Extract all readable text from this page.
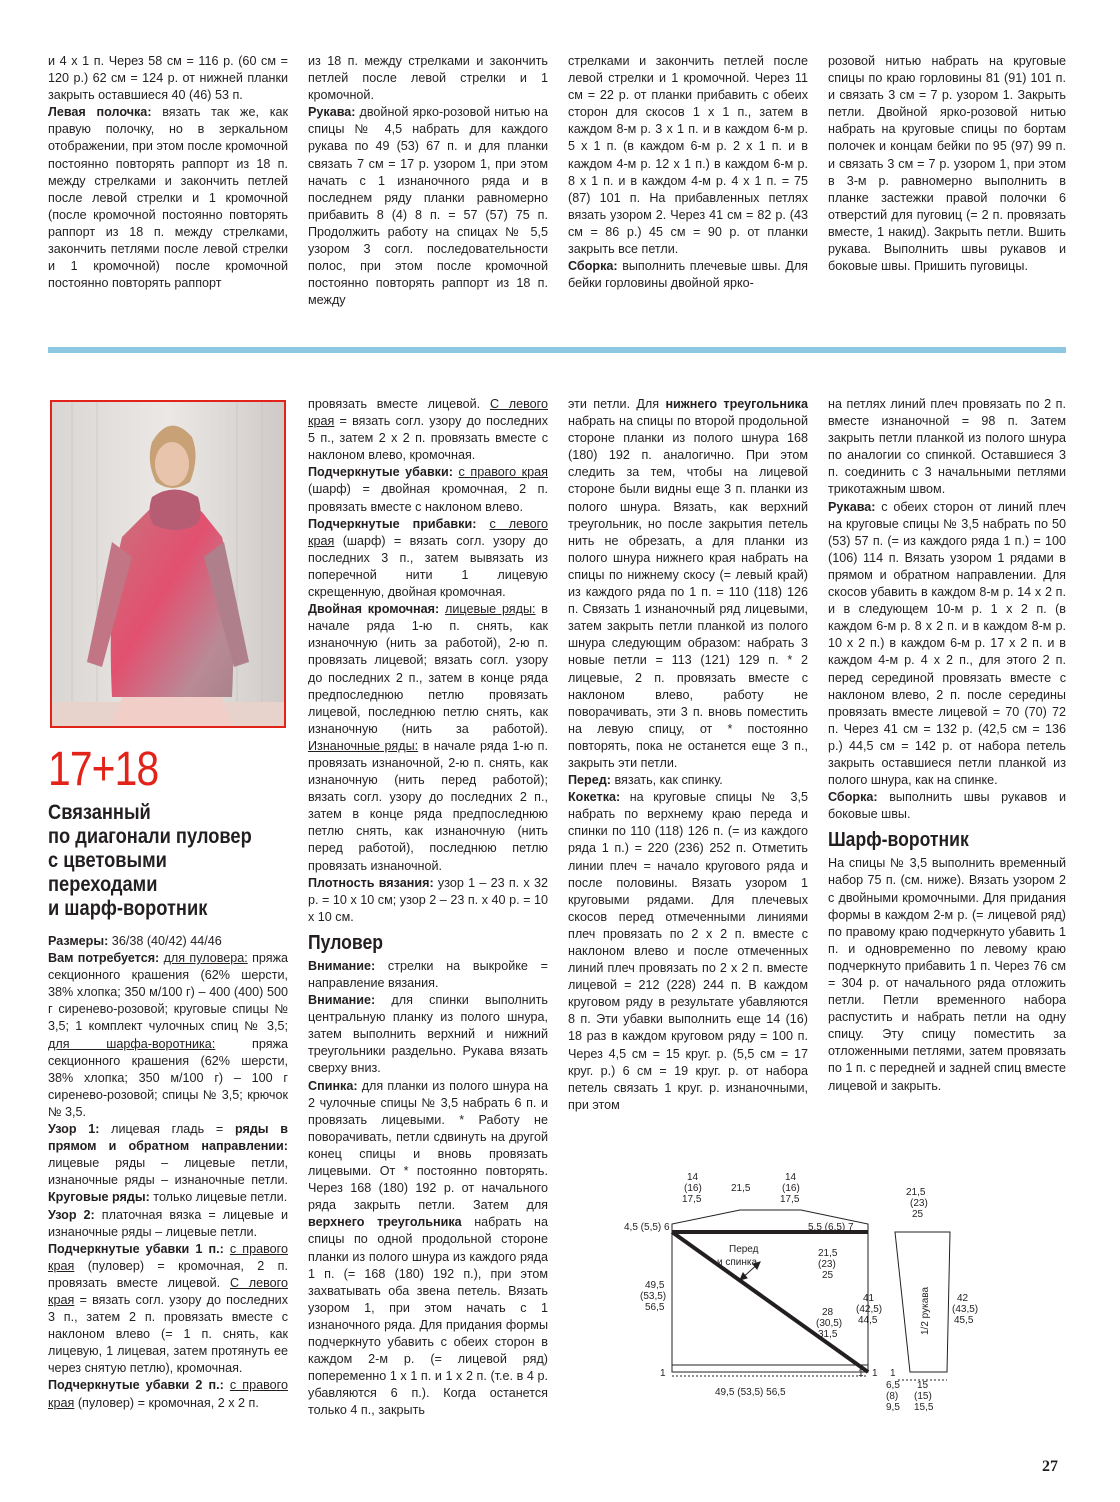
и 4 х 1 п. Через 58 см = 116 р. (60 см = 120 р.) 62 см = 124 р. от нижней планки закрыть оставшиеся 40 (46) 53 п.

Левая полочка: вязать так же, как правую полочку, но в зеркальном отображении, при этом после кромочной постоянно повторять раппорт из 18 п. между стрелками и закончить петлей после левой стрелки и 1 кромочной (после кромочной постоянно повторять раппорт из 18 п. между стрелками, закончить петлями после левой стрелки и 1 кромочной) после кромочной постоянно повторять раппорт

из 18 п. между стрелками и закончить петлей после левой стрелки и 1 кромочной.

Рукава: двойной ярко-розовой нитью на спицы № 4,5 набрать для каждого рукава по 49 (53) 67 п. и для планки связать 7 см = 17 р. узором 1, при этом начать с 1 изнаночного ряда и в последнем ряду планки равномерно прибавить 8 (4) 8 п. = 57 (57) 75 п. Продолжить работу на спицах № 5,5 узором 3 согл. последовательности полос, при этом после кромочной постоянно повторять раппорт из 18 п. между

стрелками и закончить петлей после левой стрелки и 1 кромочной. Через 11 см = 22 р. от планки прибавить с обеих сторон для скосов 1 х 1 п., затем в каждом 8-м р. 3 х 1 п. и в каждом 6-м р. 5 х 1 п. (в каждом 6-м р. 2 х 1 п. и в каждом 4-м р. 12 х 1 п.) в каждом 6-м р. 8 х 1 п. и в каждом 4-м р. 4 х 1 п. = 75 (87) 101 п. На прибавленных петлях вязать узором 2. Через 41 см = 82 р. (43 см = 86 р.) 45 см = 90 р. от планки закрыть все петли.

Сборка: выполнить плечевые швы. Для бейки горловины двойной ярко-

розовой нитью набрать на круговые спицы по краю горловины 81 (91) 101 п. и связать 3 см = 7 р. узором 1. Закрыть петли. Двойной ярко-розовой нитью набрать на круговые спицы по бортам полочек и концам бейки по 95 (97) 99 п. и связать 3 см = 7 р. узором 1, при этом в 3-м р. равномерно выполнить в планке застежки правой полочки 6 отверстий для пуговиц (= 2 п. провязать вместе, 1 накид). Закрыть петли. Вшить рукава. Выполнить швы рукавов и боковые швы. Пришить пуговицы.

17+18
Связанный
по диагонали пуловер
с цветовыми
переходами
и шарф-воротник

Размеры: 36/38 (40/42) 44/46

Вам потребуется: для пуловера: пряжа секционного крашения (62% шерсти, 38% хлопка; 350 м/100 г) – 400 (400) 500 г сиренево-розовой; круговые спицы № 3,5; 1 комплект чулочных спиц № 3,5; для шарфа-воротника: пряжа секционного крашения (62% шерсти, 38% хлопка; 350 м/100 г) – 100 г сиренево-розовой; спицы № 3,5; крючок № 3,5.

Узор 1: лицевая гладь = ряды в прямом и обратном направлении: лицевые ряды – лицевые петли, изнаночные ряды – изнаночные петли. Круговые ряды: только лицевые петли.

Узор 2: платочная вязка = лицевые и изнаночные ряды – лицевые петли.

Подчеркнутые убавки 1 п.: с правого края (пуловер) = кромочная, 2 п. провязать вместе лицевой. С левого края = вязать согл. узору до последних 3 п., затем 2 п. провязать вместе с наклоном влево (= 1 п. снять, как лицевую, 1 лицевая, затем протянуть ее через снятую петлю), кромочная.

Подчеркнутые убавки 2 п.: с правого края (пуловер) = кромочная, 2 х 2 п.

провязать вместе лицевой. С левого края = вязать согл. узору до последних 5 п., затем 2 х 2 п. провязать вместе с наклоном влево, кромочная.

Подчеркнутые убавки: с правого края (шарф) = двойная кромочная, 2 п. провязать вместе с наклоном влево.

Подчеркнутые прибавки: с левого края (шарф) = вязать согл. узору до последних 3 п., затем вывязать из поперечной нити 1 лицевую скрещенную, двойная кромочная.

Двойная кромочная: лицевые ряды: в начале ряда 1-ю п. снять, как изнаночную (нить за работой), 2-ю п. провязать лицевой; вязать согл. узору до последних 2 п., затем в конце ряда предпоследнюю петлю провязать лицевой, последнюю петлю снять, как изнаночную (нить за работой). Изнаночные ряды: в начале ряда 1-ю п. провязать изнаночной, 2-ю п. снять, как изнаночную (нить перед работой); вязать согл. узору до последних 2 п., затем в конце ряда предпоследнюю петлю снять, как изнаночную (нить перед работой), последнюю петлю провязать изнаночной.

Плотность вязания: узор 1 – 23 п. х 32 р. = 10 х 10 см; узор 2 – 23 п. х 40 р. = 10 х 10 см.

Пуловер

Внимание: стрелки на выкройке = направление вязания.

Внимание: для спинки выполнить центральную планку из полого шнура, затем выполнить верхний и нижний треугольники раздельно. Рукава вязать сверху вниз.

Спинка: для планки из полого шнура на 2 чулочные спицы № 3,5 набрать 6 п. и провязать лицевыми. * Работу не поворачивать, петли сдвинуть на другой конец спицы и вновь провязать лицевыми. От * постоянно повторять. Через 168 (180) 192 р. от начального ряда закрыть петли. Затем для верхнего треугольника набрать на спицы по одной продольной стороне планки из полого шнура из каждого ряда 1 п. (= 168 (180) 192 п.), при этом захватывать оба звена петель. Вязать узором 1, при этом начать с 1 изнаночного ряда. Для придания формы подчеркнуто убавить с обеих сторон в каждом 2-м р. (= лицевой ряд) попеременно 1 х 1 п. и 1 х 2 п. (т.е. в 4 р. убавляются 6 п.). Когда останется только 4 п., закрыть

эти петли. Для нижнего треугольника набрать на спицы по второй продольной стороне планки из полого шнура 168 (180) 192 п. аналогично. При этом следить за тем, чтобы на лицевой стороне были видны еще 3 п. планки из полого шнура. Вязать, как верхний треугольник, но после закрытия петель нить не обрезать, а для планки из полого шнура нижнего края набрать на спицы по нижнему скосу (= левый край) из каждого ряда по 1 п. = 110 (118) 126 п. Связать 1 изнаночный ряд лицевыми, затем закрыть петли планкой из полого шнура следующим образом: набрать 3 новые петли = 113 (121) 129 п. * 2 лицевые, 2 п. провязать вместе с наклоном влево, работу не поворачивать, эти 3 п. вновь поместить на левую спицу, от * постоянно повторять, пока не останется еще 3 п., закрыть эти петли.

Перед: вязать, как спинку.

Кокетка: на круговые спицы № 3,5 набрать по верхнему краю переда и спинки по 110 (118) 126 п. (= из каждого ряда 1 п.) = 220 (236) 252 п. Отметить линии плеч = начало кругового ряда и после половины. Вязать узором 1 круговыми рядами. Для плечевых скосов перед отмеченными линиями плеч провязать по 2 х 2 п. вместе с наклоном влево и после отмеченных линий плеч провязать по 2 х 2 п. вместе лицевой = 212 (228) 244 п. В каждом круговом ряду в результате убавляются 8 п. Эти убавки выполнить еще 14 (16) 18 раз в каждом круговом ряду = 100 п. Через 4,5 см = 15 круг. р. (5,5 см = 17 круг. р.) 6 см = 19 круг. р. от набора петель связать 1 круг. р. изнаночными, при этом

на петлях линий плеч провязать по 2 п. вместе изнаночной = 98 п. Затем закрыть петли планкой из полого шнура по аналогии со спинкой. Оставшиеся 3 п. соединить с 3 начальными петлями трикотажным швом.

Рукава: с обеих сторон от линий плеч на круговые спицы № 3,5 набрать по 50 (53) 57 п. (= из каждого ряда 1 п.) = 100 (106) 114 п. Вязать узором 1 рядами в прямом и обратном направлении. Для скосов убавить в каждом 8-м р. 14 х 2 п. и в следующем 10-м р. 1 х 2 п. (в каждом 6-м р. 8 х 2 п. и в каждом 8-м р. 10 х 2 п.) в каждом 6-м р. 17 х 2 п. и в каждом 4-м р. 4 х 2 п., для этого 2 п. перед серединой провязать вместе с наклоном влево, 2 п. после середины провязать вместе лицевой = 70 (70) 72 п. Через 41 см = 132 р. (42,5 см = 136 р.) 44,5 см = 142 р. от набора петель закрыть оставшиеся петли планкой из полого шнура, как на спинке.

Сборка: выполнить швы рукавов и боковые швы.

Шарф-воротник

На спицы № 3,5 выполнить временный набор 75 п. (см. ниже). Вязать узором 2 с двойными кромочными. Для придания формы в каждом 2-м р. (= лицевой ряд) по правому краю подчеркнуто убавить 1 п. и одновременно по левому краю подчеркнуто прибавить 1 п. Через 76 см = 304 р. от начального ряда отложить петли. Петли временного набора распустить и набрать петли на одну спицу. Эту спицу поместить за отложенными петлями, затем провязать по 1 п. с передней и задней спиц вместе лицевой и закрыть.

Перед
и спинка
1/2 рукава
14
(16)
17,5
21,5
14
(16)
17,5
4,5 (5,5) 6	5,5 (6,5) 7
21,5
(23)
25
28
(30,5)
31,5
49,5
(53,5)
56,5
49,5 (53,5) 56,5
1	1
1	1
21,5
(23)
25
41
(42,5)
44,5
42
(43,5)
45,5
6,5
(8)
9,5
15
(15)
15,5
27
